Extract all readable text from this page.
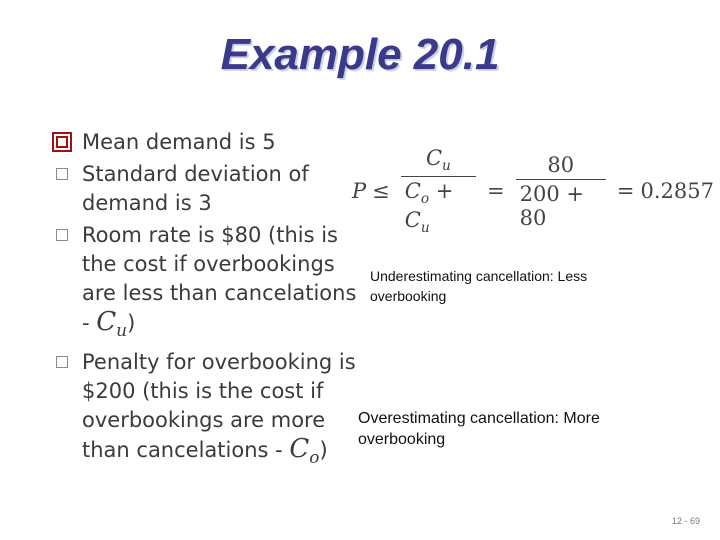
Example 20.1
Mean demand is 5
Standard deviation of demand is 3
Room rate is $80 (this is the cost if overbookings are less than cancelations - $C_u$)
Penalty for overbooking is $200 (this is the cost if overbookings are more than cancelations - $C_o$)
$P \le \frac{C_u}{C_o + C_u} = \frac{80}{200 + 80} = 0.2857$
Underestimating cancellation: Less overbooking
Overestimating cancellation: More overbooking
12 - 69
